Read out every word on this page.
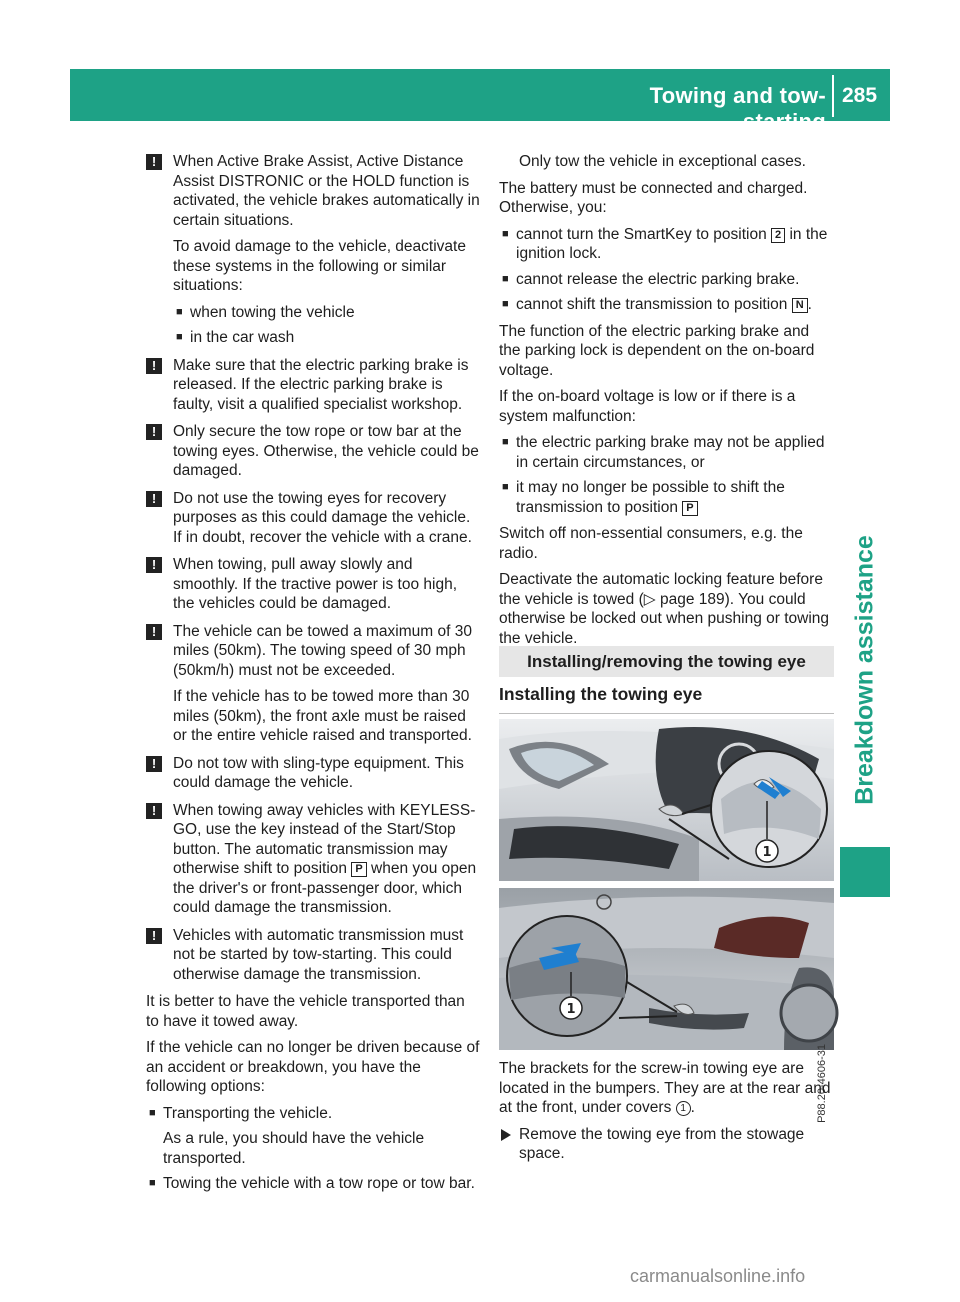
Towing and tow-starting
285
Breakdown assistance
!	When Active Brake Assist, Active Distance Assist DISTRONIC or the HOLD function is activated, the vehicle brakes automatically in certain situations.

To avoid damage to the vehicle, deactivate these systems in the following or similar situations:

■ when towing the vehicle
■ in the car wash
!	Make sure that the electric parking brake is released. If the electric parking brake is faulty, visit a qualified specialist workshop.

!	Only secure the tow rope or tow bar at the towing eyes. Otherwise, the vehicle could be damaged.

!	Do not use the towing eyes for recovery purposes as this could damage the vehicle. If in doubt, recover the vehicle with a crane.

!	When towing, pull away slowly and smoothly. If the tractive power is too high, the vehicles could be damaged.

!	The vehicle can be towed a maximum of 30 miles (50km). The towing speed of 30 mph (50km/h) must not be exceeded.

If the vehicle has to be towed more than 30 miles (50km), the front axle must be raised or the entire vehicle raised and transported.

!	Do not tow with sling-type equipment. This could damage the vehicle.

!	When towing away vehicles with KEYLESS-GO, use the key instead of the Start/Stop button. The automatic transmission may otherwise shift to position P when you open the driver's or front-passenger door, which could damage the transmission.

!	Vehicles with automatic transmission must not be started by tow-starting. This could otherwise damage the transmission.

It is better to have the vehicle transported than to have it towed away.

If the vehicle can no longer be driven because of an accident or breakdown, you have the following options:

■ Transporting the vehicle.
As a rule, you should have the vehicle transported.
■ Towing the vehicle with a tow rope or tow bar.

Only tow the vehicle in exceptional cases.

The battery must be connected and charged. Otherwise, you:

■ cannot turn the SmartKey to position 2 in the ignition lock.
■ cannot release the electric parking brake.
■ cannot shift the transmission to position N .

The function of the electric parking brake and the parking lock is dependent on the on-board voltage.

If the on-board voltage is low or if there is a system malfunction:

■ the electric parking brake may not be applied in certain circumstances, or
■ it may no longer be possible to shift the transmission to position P

Switch off non-essential consumers, e.g. the radio.

Deactivate the automatic locking feature before the vehicle is towed (▷ page 189). You could otherwise be locked out when pushing or towing the vehicle.

Installing/removing the towing eye
Installing the towing eye
1
1
P88.20-4606-31

The brackets for the screw-in towing eye are located in the bumpers. They are at the rear and at the front, under covers 1 .

Remove the towing eye from the stowage space.
carmanualsonline.info
